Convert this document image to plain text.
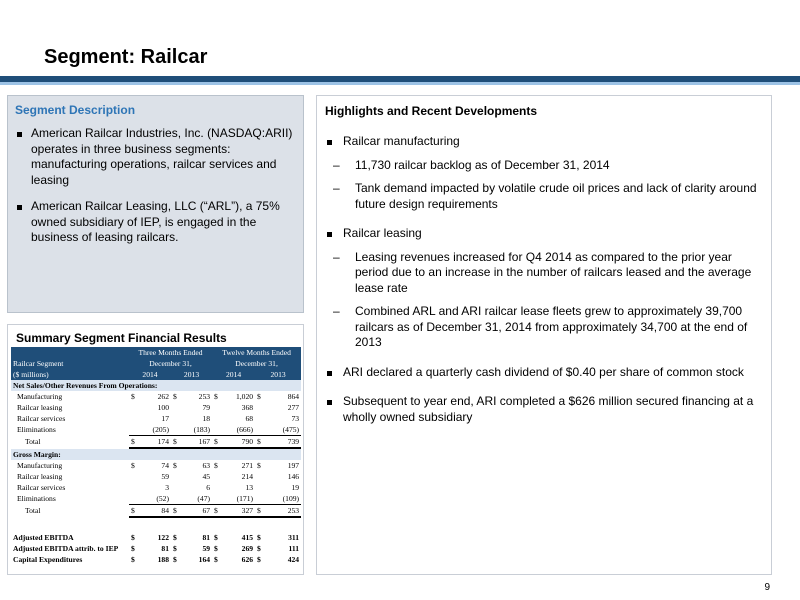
Segment: Railcar
Segment Description
American Railcar Industries, Inc. (NASDAQ:ARII) operates in three business segments: manufacturing operations, railcar services and leasing
American Railcar Leasing, LLC (“ARL”), a 75% owned subsidiary of IEP, is engaged in the business of leasing railcars.
Highlights and Recent Developments
Railcar manufacturing
– 11,730 railcar backlog as of December 31, 2014
– Tank demand impacted by volatile crude oil prices and lack of clarity around future design requirements
Railcar leasing
– Leasing revenues increased for Q4 2014 as compared to the prior year period due to an increase in the number of railcars leased and the average lease rate
– Combined ARL and ARI railcar lease fleets grew to approximately 39,700 railcars as of December 31, 2014 from approximately 34,700 at the end of 2013
ARI declared a quarterly cash dividend of $0.40 per share of common stock
Subsequent to year end, ARI completed a $626 million secured financing at a wholly owned subsidiary
Summary Segment Financial Results
	Three Months Ended				Twelve Months Ended			
Railcar Segment	December 31,				December 31,			
($ millions)	2014		2013		2014		2013	
Net Sales/Other Revenues From Operations:								
Manufacturing	$	262	$	253	$	1,020	$	864
Railcar leasing		100		79		368		277
Railcar services		17		18		68		73
Eliminations		(205)		(183)		(666)		(475)
Total	$	174	$	167	$	790	$	739
Gross Margin:								
Manufacturing	$	74	$	63	$	271	$	197
Railcar leasing		59		45		214		146
Railcar services		3		6		13		19
Eliminations		(52)		(47)		(171)		(109)
Total	$	84	$	67	$	327	$	253

Adjusted EBITDA	$	122	$	81	$	415	$	311
Adjusted EBITDA attrib. to IEP	$	81	$	59	$	269	$	111
Capital Expenditures	$	188	$	164	$	626	$	424
9
